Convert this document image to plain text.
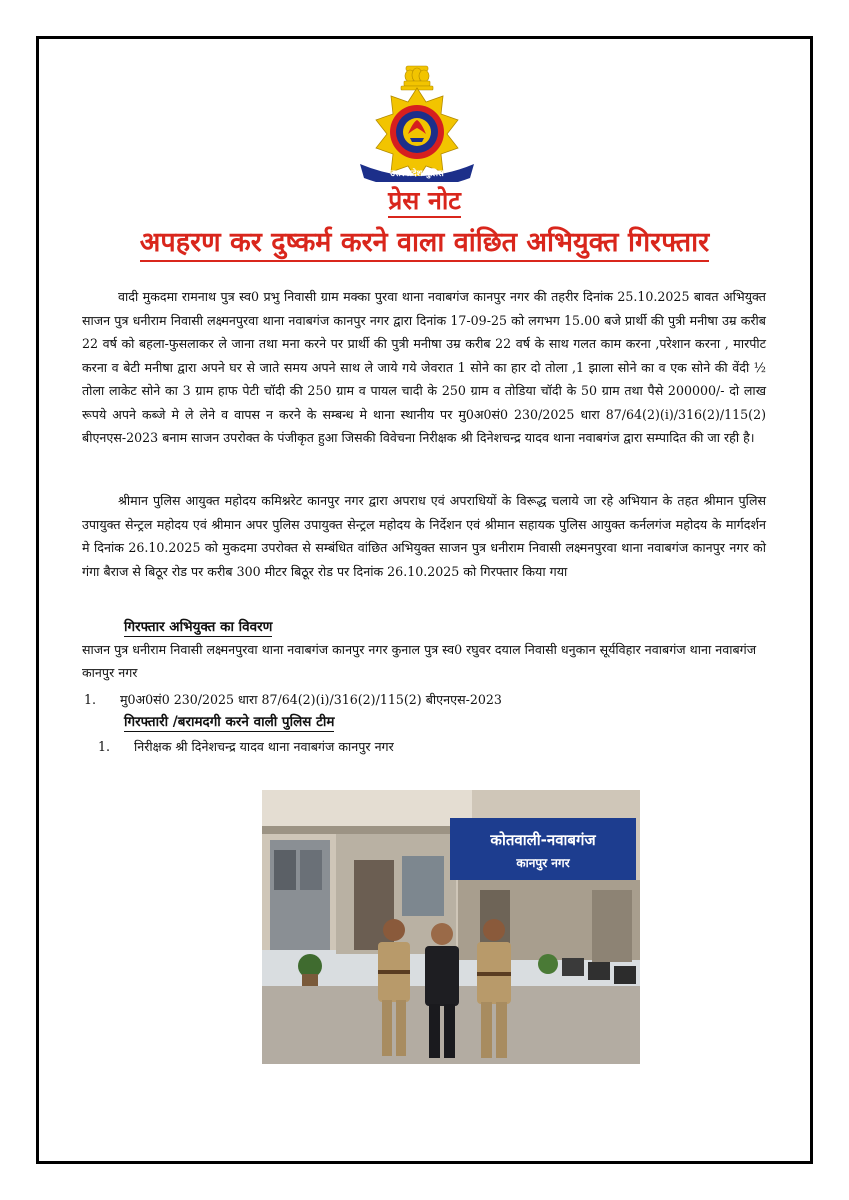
उत्तर प्रदेश पुलिस
प्रेस नोट
अपहरण कर दुष्कर्म करने वाला वांछित अभियुक्त गिरफ्तार
वादी मुकदमा रामनाथ पुत्र स्व0 प्रभु निवासी ग्राम मक्का पुरवा थाना नवाबगंज कानपुर नगर की तहरीर दिनांक 25.10.2025 बावत अभियुक्त साजन पुत्र धनीराम निवासी लक्ष्मनपुरवा थाना नवाबगंज कानपुर नगर द्वारा दिनांक 17-09-25 को लगभग 15.00 बजे प्रार्थी की पुत्री मनीषा उम्र करीब 22 वर्ष को बहला-फुसलाकर ले जाना तथा मना करने पर प्रार्थी की पुत्री मनीषा उम्र करीब 22 वर्ष के साथ गलत काम करना ,परेशान करना , मारपीट करना व बेटी मनीषा द्वारा अपने घर से जाते समय अपने साथ ले जाये गये जेवरात 1 सोने का हार दो तोला ,1 झाला सोने का व एक सोने की वेंदी ½ तोला लाकेट सोने का 3 ग्राम हाफ पेटी चॉदी की 250 ग्राम व पायल चादी के 250 ग्राम व तोडिया चॉदी के 50 ग्राम तथा पैसे 200000/- दो लाख रूपये अपने कब्जे मे ले लेने व वापस न करने के सम्बन्ध मे थाना स्थानीय पर मु0अ0सं0 230/2025 धारा 87/64(2)(i)/316(2)/115(2) बीएनएस-2023 बनाम साजन उपरोक्त के पंजीकृत हुआ जिसकी विवेचना निरीक्षक श्री दिनेशचन्द्र यादव थाना नवाबगंज द्वारा सम्पादित की जा रही है।
श्रीमान पुलिस आयुक्त महोदय कमिश्नरेट कानपुर नगर द्वारा अपराध एवं अपराधियों के विरूद्ध चलाये जा रहे अभियान के तहत श्रीमान पुलिस उपायुक्त सेन्ट्रल महोदय एवं श्रीमान अपर पुलिस उपायुक्त सेन्ट्रल महोदय के निर्देशन एवं श्रीमान सहायक पुलिस आयुक्त कर्नलगंज महोदय के मार्गदर्शन मे दिनांक 26.10.2025 को मुकदमा उपरोक्त से सम्बंधित वांछित अभियुक्त साजन पुत्र धनीराम निवासी लक्ष्मनपुरवा थाना नवाबगंज कानपुर नगर को गंगा बैराज से बिठूर रोड पर करीब 300 मीटर बिठूर रोड पर दिनांक 26.10.2025 को गिरफ्तार किया गया
गिरफ्तार अभियुक्त का विवरण
साजन पुत्र धनीराम निवासी लक्ष्मनपुरवा थाना नवाबगंज कानपुर नगर कुनाल पुत्र स्व0 रघुवर दयाल निवासी धनुकान सूर्यविहार नवाबगंज थाना नवाबगंज कानपुर नगर
1. मु0अ0सं0 230/2025 धारा 87/64(2)(i)/316(2)/115(2) बीएनएस-2023
गिरफ्तारी /बरामदगी करने वाली पुलिस टीम
1. निरीक्षक श्री दिनेशचन्द्र यादव थाना नवाबगंज कानपुर नगर
कोतवाली-नवाबगंज
कानपुर नगर
